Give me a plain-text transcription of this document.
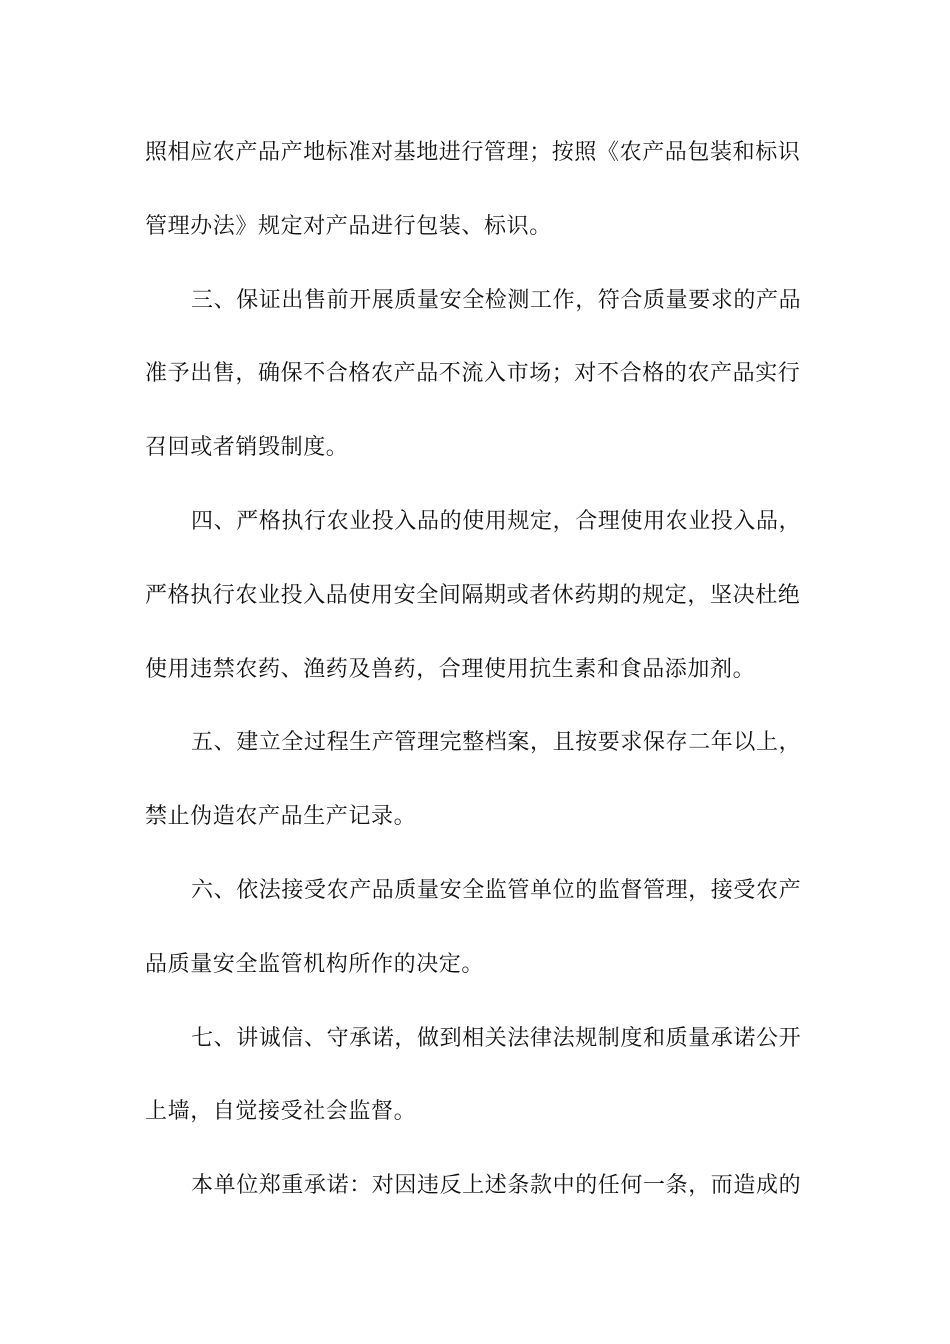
照相应农产品产地标准对基地进行管理；按照《农产品包装和标识
管理办法》规定对产品进行包装、标识。
三、保证出售前开展质量安全检测工作，符合质量要求的产品
准予出售，确保不合格农产品不流入市场；对不合格的农产品实行
召回或者销毁制度。
四、严格执行农业投入品的使用规定，合理使用农业投入品，
严格执行农业投入品使用安全间隔期或者休药期的规定，坚决杜绝
使用违禁农药、渔药及兽药，合理使用抗生素和食品添加剂。
五、建立全过程生产管理完整档案，且按要求保存二年以上，
禁止伪造农产品生产记录。
六、依法接受农产品质量安全监管单位的监督管理，接受农产
品质量安全监管机构所作的决定。
七、讲诚信、守承诺，做到相关法律法规制度和质量承诺公开
上墙，自觉接受社会监督。
本单位郑重承诺：对因违反上述条款中的任何一条，而造成的
